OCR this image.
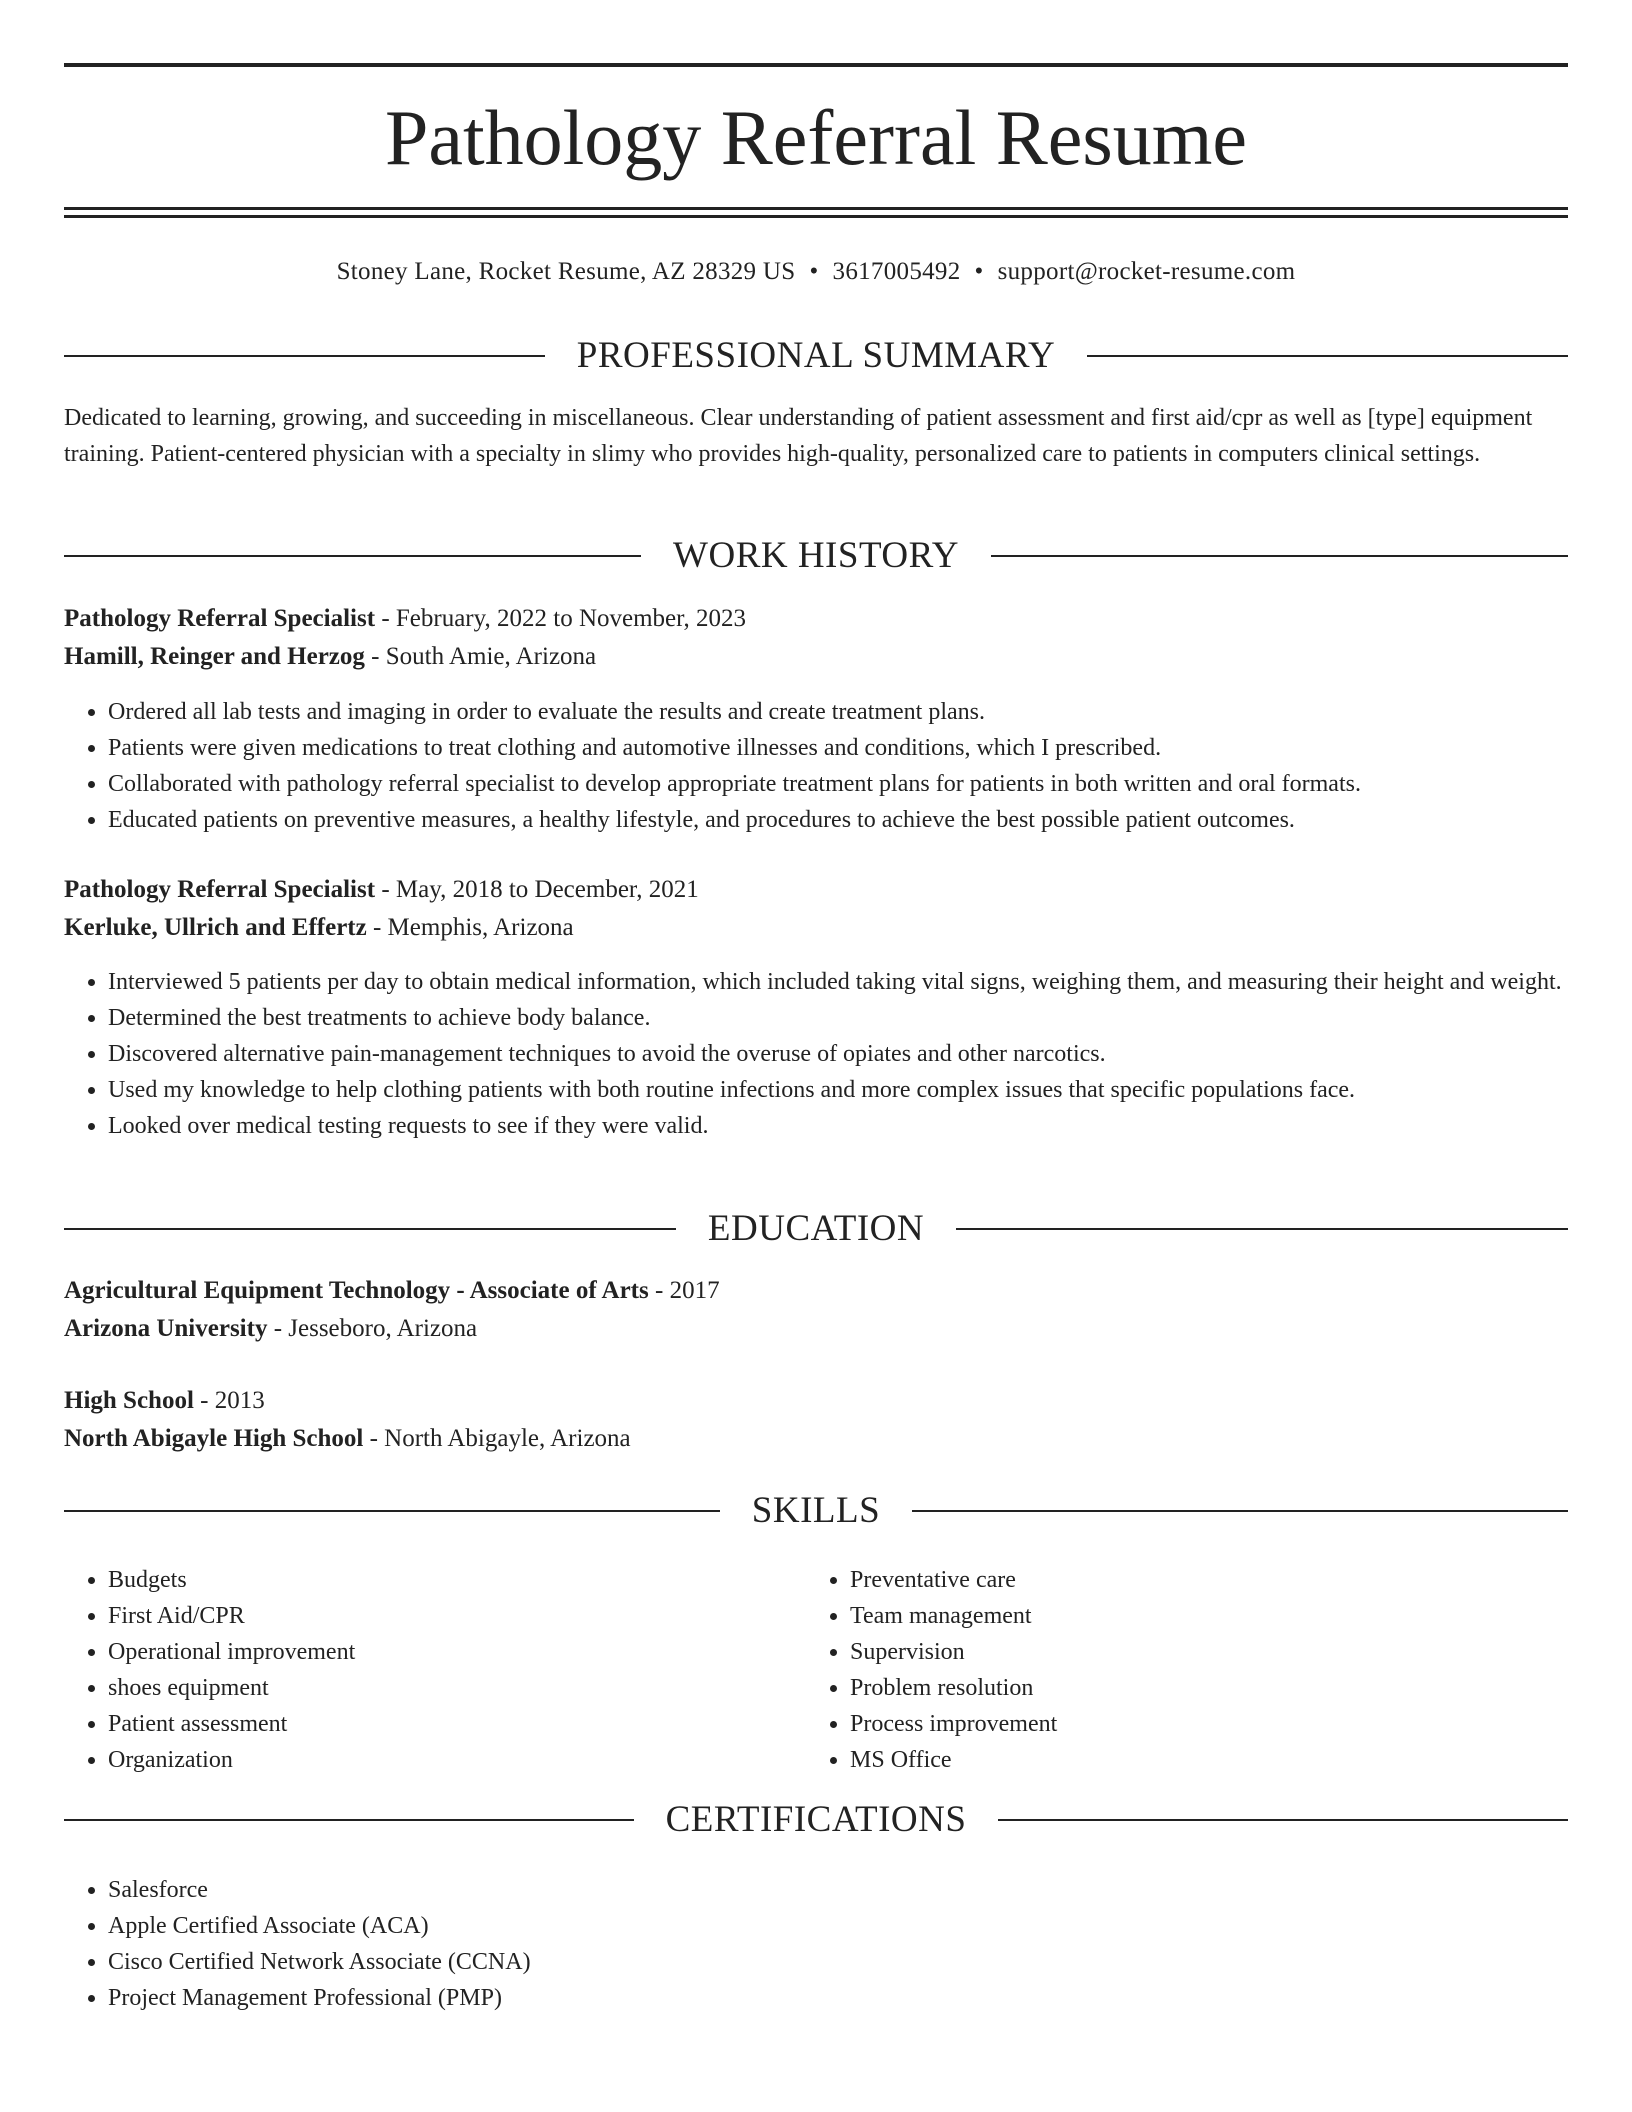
Pathology Referral Resume
Stoney Lane, Rocket Resume, AZ 28329 US • 3617005492 • support@rocket-resume.com
PROFESSIONAL SUMMARY

Dedicated to learning, growing, and succeeding in miscellaneous. Clear understanding of patient assessment and first aid/cpr as well as [type] equipment training. Patient-centered physician with a specialty in slimy who provides high-quality, personalized care to patients in computers clinical settings.

WORK HISTORY
Pathology Referral Specialist - February, 2022 to November, 2023
Hamill, Reinger and Herzog - South Amie, Arizona
• Ordered all lab tests and imaging in order to evaluate the results and create treatment plans.
• Patients were given medications to treat clothing and automotive illnesses and conditions, which I prescribed.
• Collaborated with pathology referral specialist to develop appropriate treatment plans for patients in both written and oral formats.
• Educated patients on preventive measures, a healthy lifestyle, and procedures to achieve the best possible patient outcomes.
Pathology Referral Specialist - May, 2018 to December, 2021
Kerluke, Ullrich and Effertz - Memphis, Arizona
• Interviewed 5 patients per day to obtain medical information, which included taking vital signs, weighing them, and measuring their height and weight.
• Determined the best treatments to achieve body balance.
• Discovered alternative pain-management techniques to avoid the overuse of opiates and other narcotics.
• Used my knowledge to help clothing patients with both routine infections and more complex issues that specific populations face.
• Looked over medical testing requests to see if they were valid.
EDUCATION
Agricultural Equipment Technology - Associate of Arts - 2017
Arizona University - Jesseboro, Arizona
High School - 2013
North Abigayle High School - North Abigayle, Arizona
SKILLS
• Budgets
• First Aid/CPR
• Operational improvement
• shoes equipment
• Patient assessment
• Organization
• Preventative care
• Team management
• Supervision
• Problem resolution
• Process improvement
• MS Office
CERTIFICATIONS
• Salesforce
• Apple Certified Associate (ACA)
• Cisco Certified Network Associate (CCNA)
• Project Management Professional (PMP)
